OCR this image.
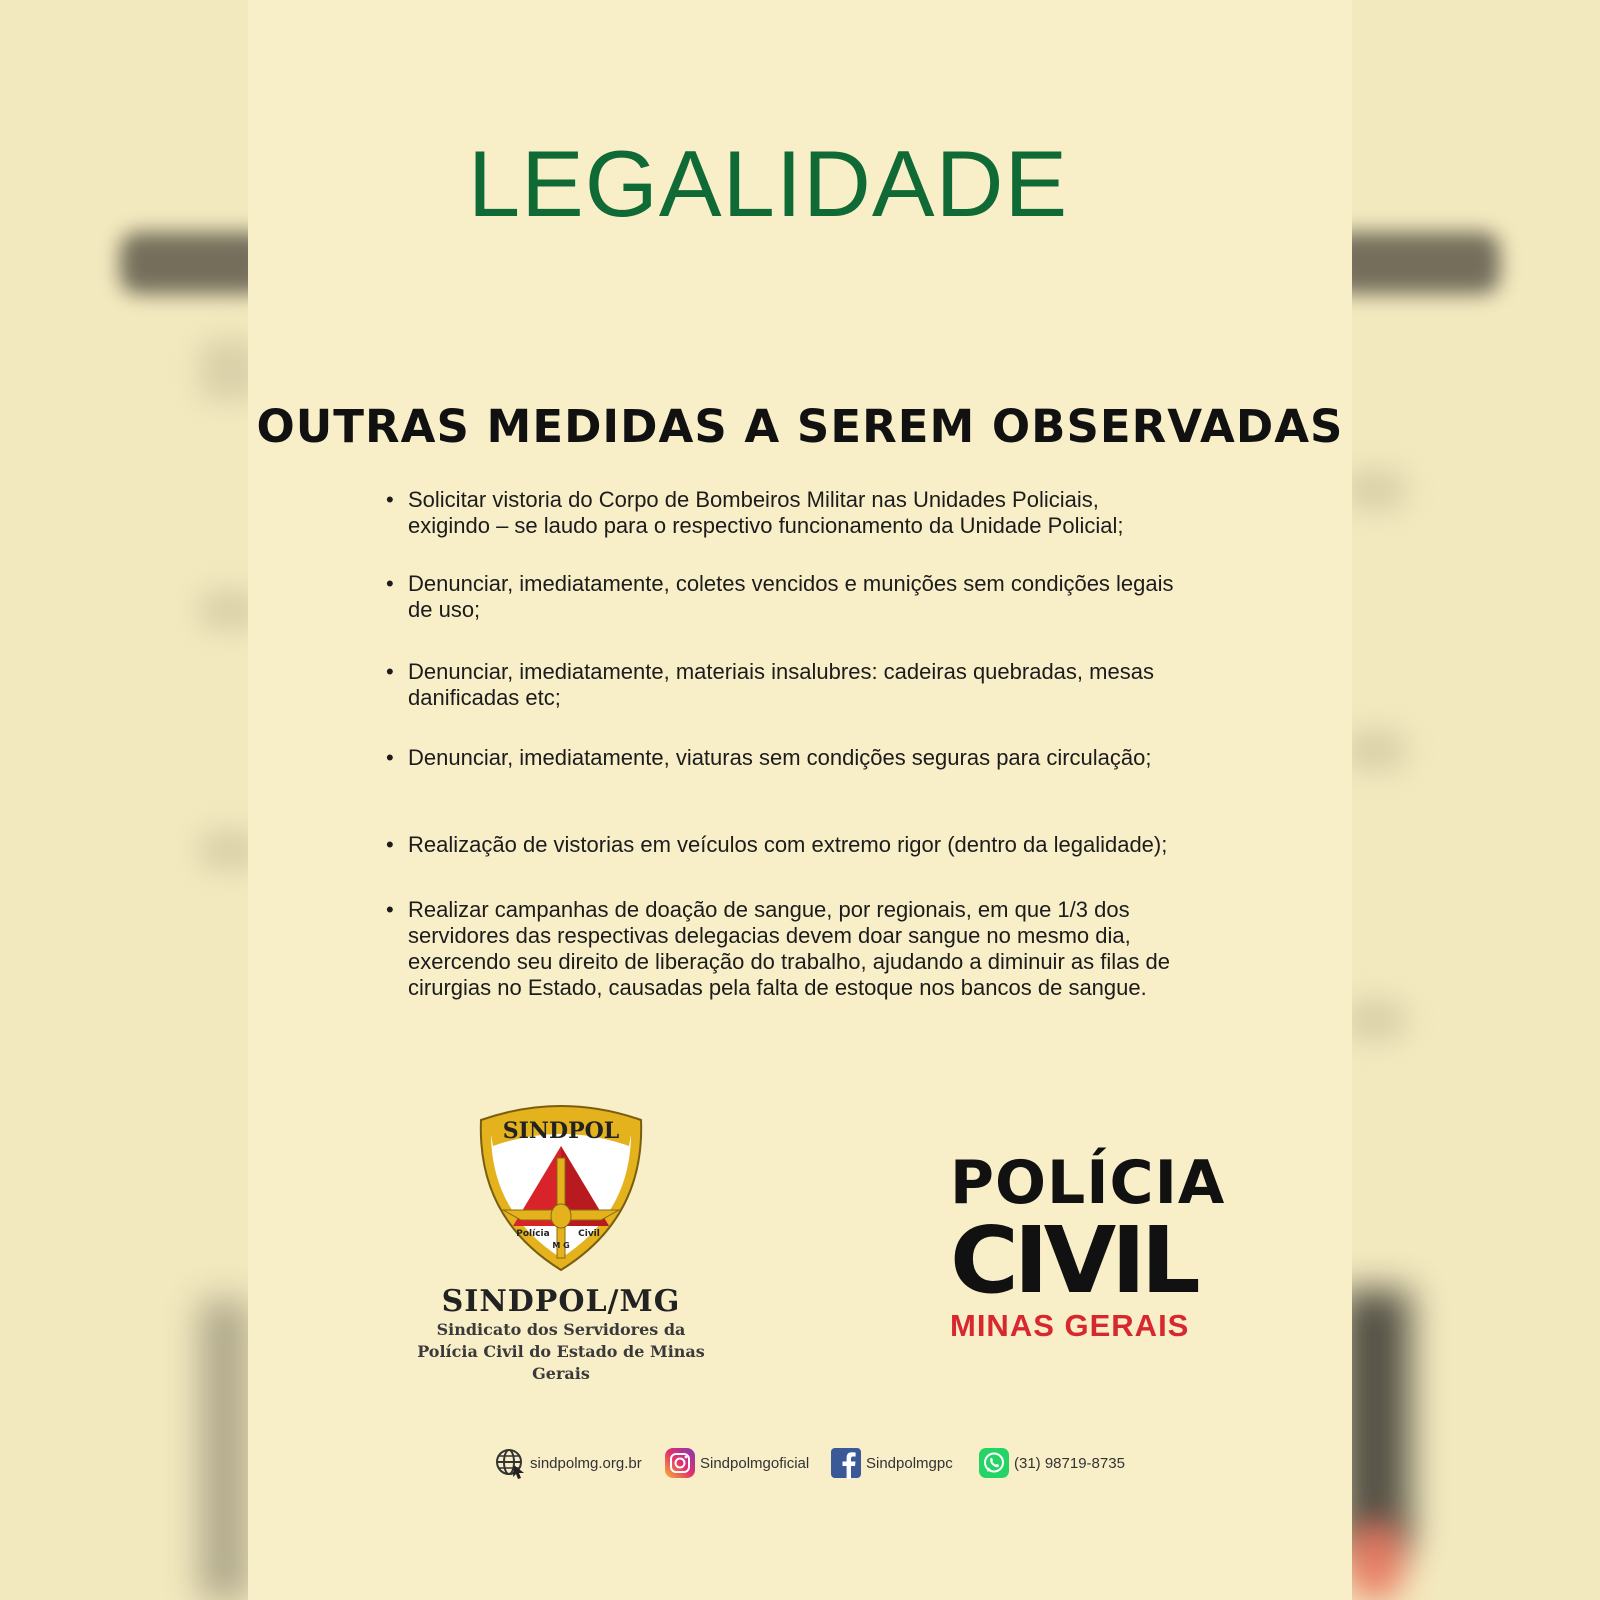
LEGALIDADE
OUTRAS MEDIDAS A SEREM OBSERVADAS
• Solicitar vistoria do Corpo de Bombeiros Militar nas Unidades Policiais,
exigindo – se laudo para o respectivo funcionamento da Unidade Policial;
• Denunciar, imediatamente, coletes vencidos e munições sem condições legais
de uso;
• Denunciar, imediatamente, materiais insalubres: cadeiras quebradas, mesas
danificadas etc;
• Denunciar, imediatamente, viaturas sem condições seguras para circulação;
• Realização de vistorias em veículos com extremo rigor (dentro da legalidade);
• Realizar campanhas de doação de sangue, por regionais, em que 1/3 dos
servidores das respectivas delegacias devem doar sangue no mesmo dia,
exercendo seu direito de liberação do trabalho, ajudando a diminuir as filas de
cirurgias no Estado, causadas pela falta de estoque nos bancos de sangue.
SINDPOL
Polícia	Civil
M G
SINDPOL/MG
Sindicato dos Servidores da
Polícia Civil do Estado de Minas Gerais
POLÍCIA
CIVIL
MINAS GERAIS
sindpolmg.org.br	Sindpolmgoficial	Sindpolmgpc	(31) 98719-8735
